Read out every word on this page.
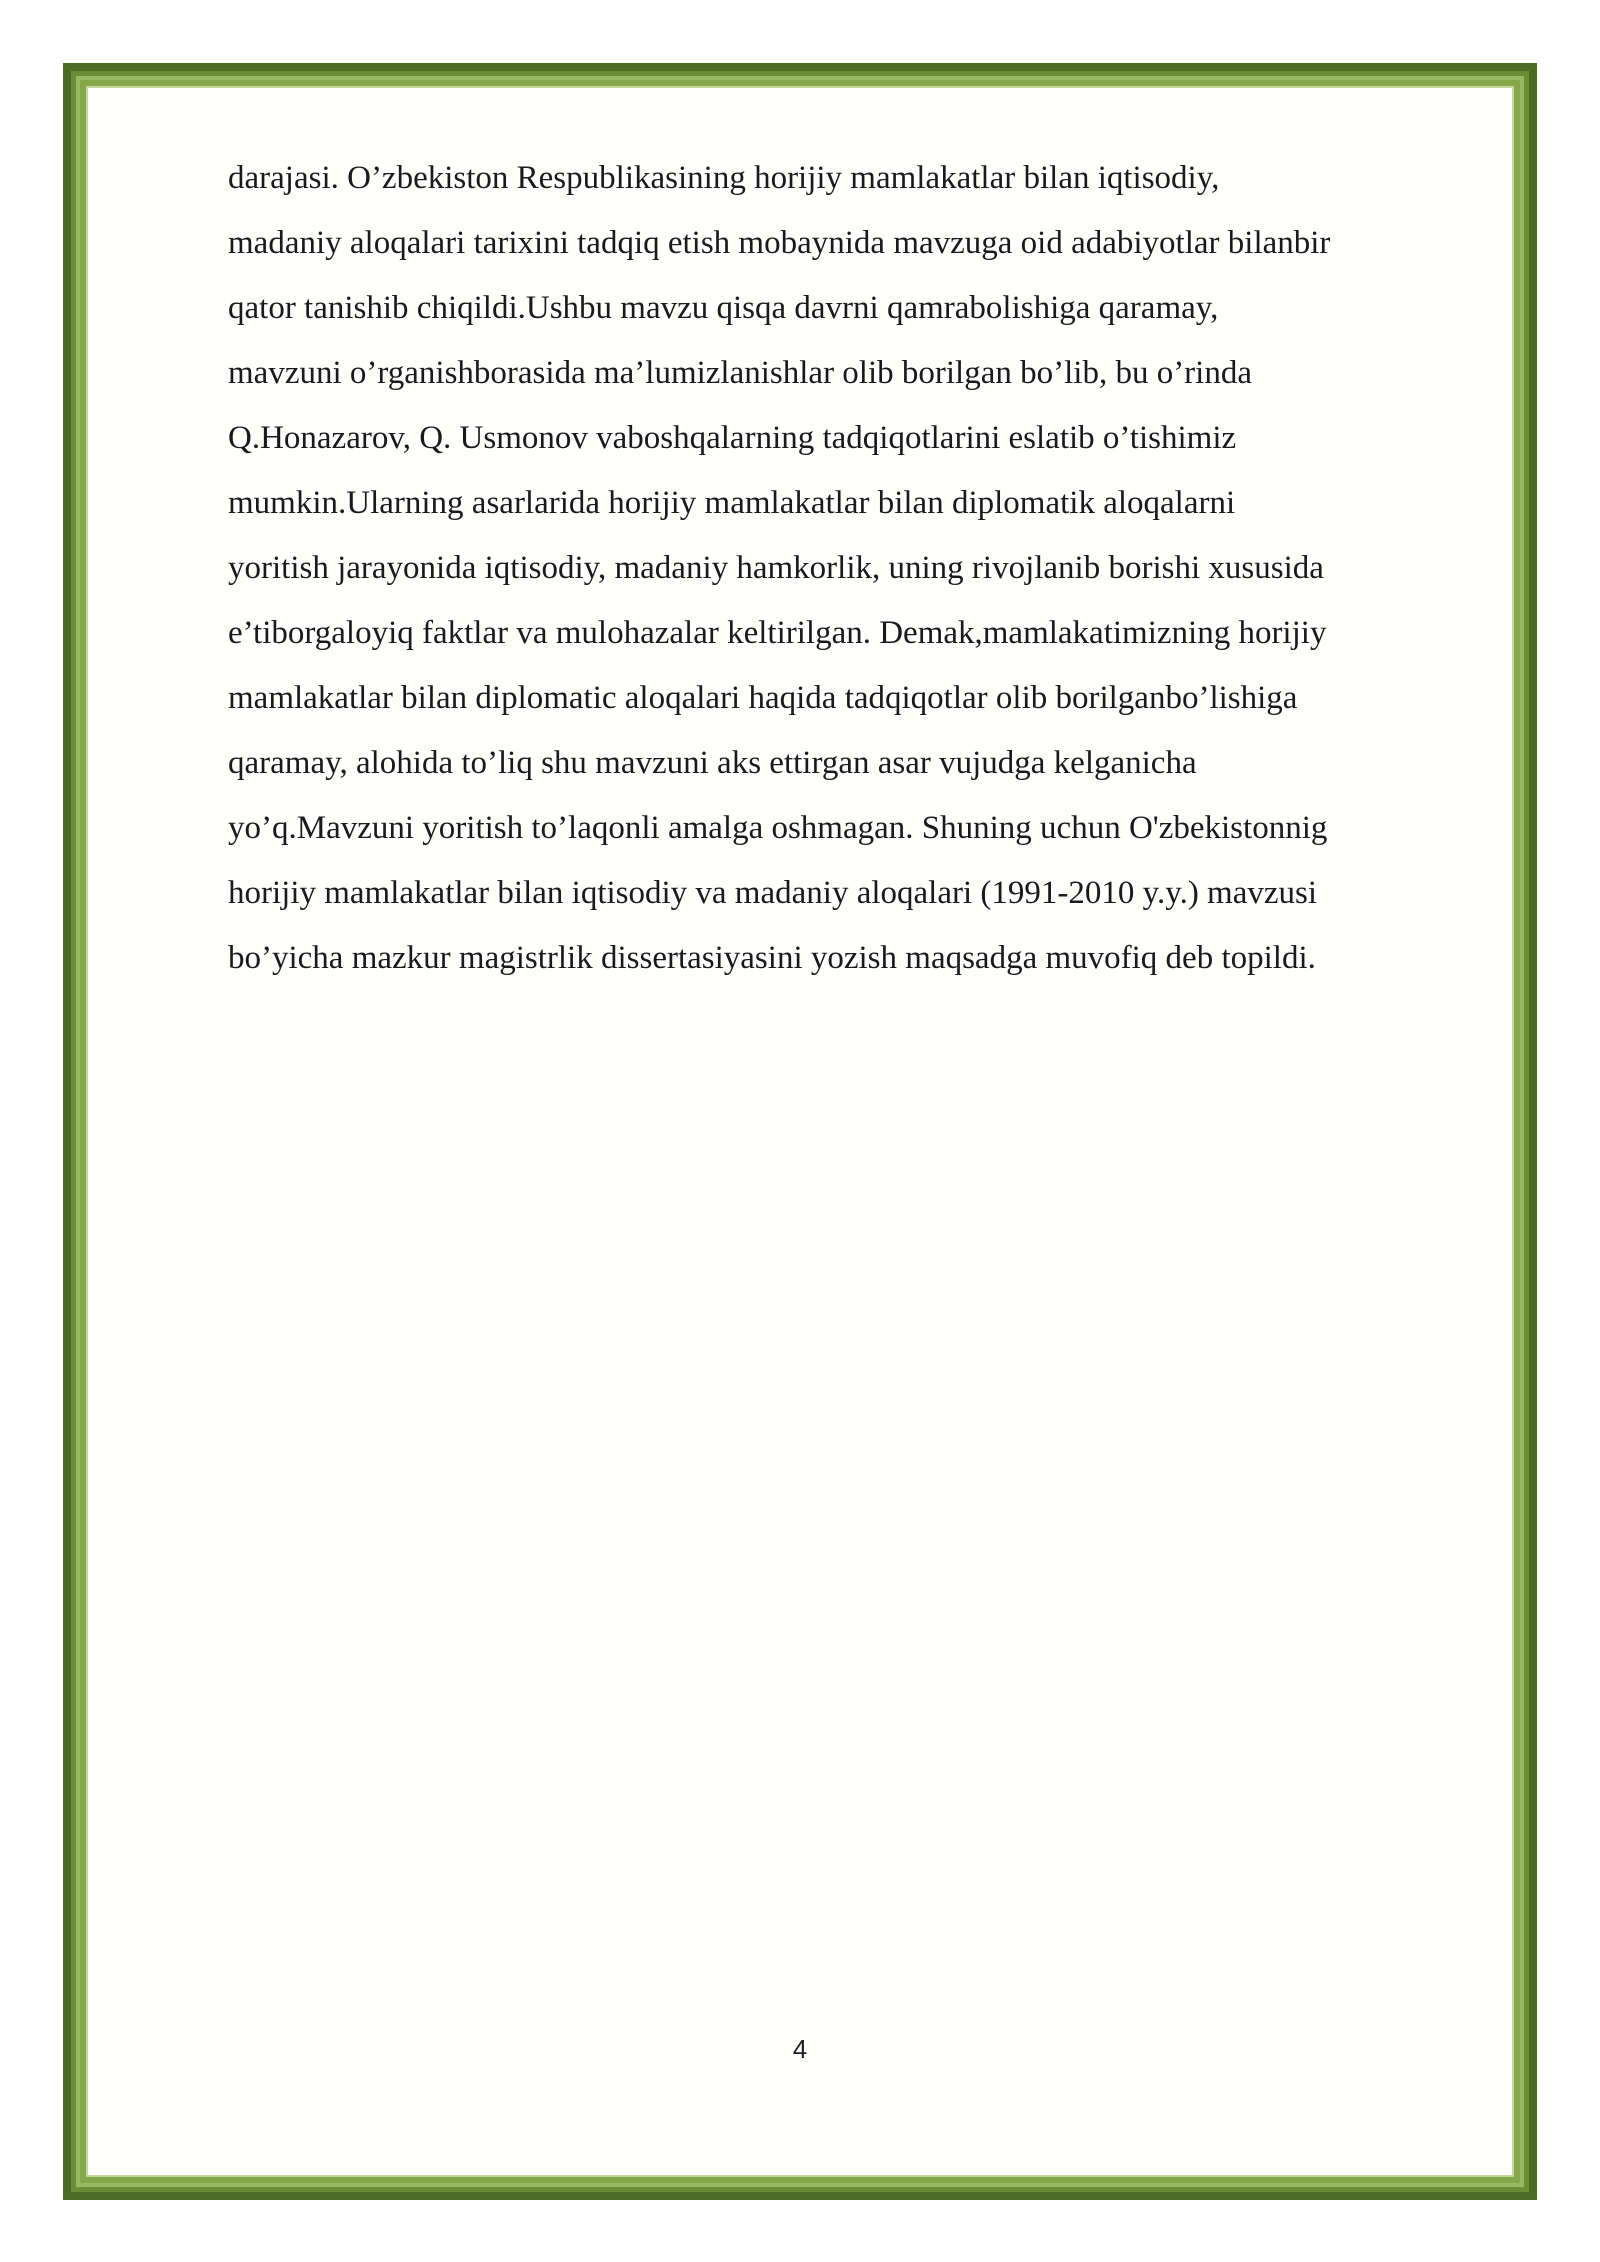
darajasi. O’zbekiston Respublikasining horijiy mamlakatlar bilan iqtisodiy,
madaniy aloqalari tarixini tadqiq etish mobaynida mavzuga oid adabiyotlar bilanbir
qator tanishib chiqildi.Ushbu mavzu qisqa davrni qamrabolishiga qaramay,
mavzuni o’rganishborasida ma’lumizlanishlar olib borilgan bo’lib, bu o’rinda
Q.Honazarov, Q. Usmonov vaboshqalarning tadqiqotlarini eslatib o’tishimiz
mumkin.Ularning asarlarida horijiy mamlakatlar bilan diplomatik aloqalarni
yoritish jarayonida iqtisodiy, madaniy hamkorlik, uning rivojlanib borishi xususida
e’tiborgaloyiq faktlar va mulohazalar keltirilgan. Demak,mamlakatimizning horijiy
mamlakatlar bilan diplomatic aloqalari haqida tadqiqotlar olib borilganbo’lishiga
qaramay, alohida to’liq shu mavzuni aks ettirgan asar vujudga kelganicha
yo’q.Mavzuni yoritish to’laqonli amalga oshmagan. Shuning uchun O'zbekistonnig
horijiy mamlakatlar bilan iqtisodiy va madaniy aloqalari (1991-2010 y.y.) mavzusi
bo’yicha mazkur magistrlik dissertasiyasini yozish maqsadga muvofiq deb topildi.
4
